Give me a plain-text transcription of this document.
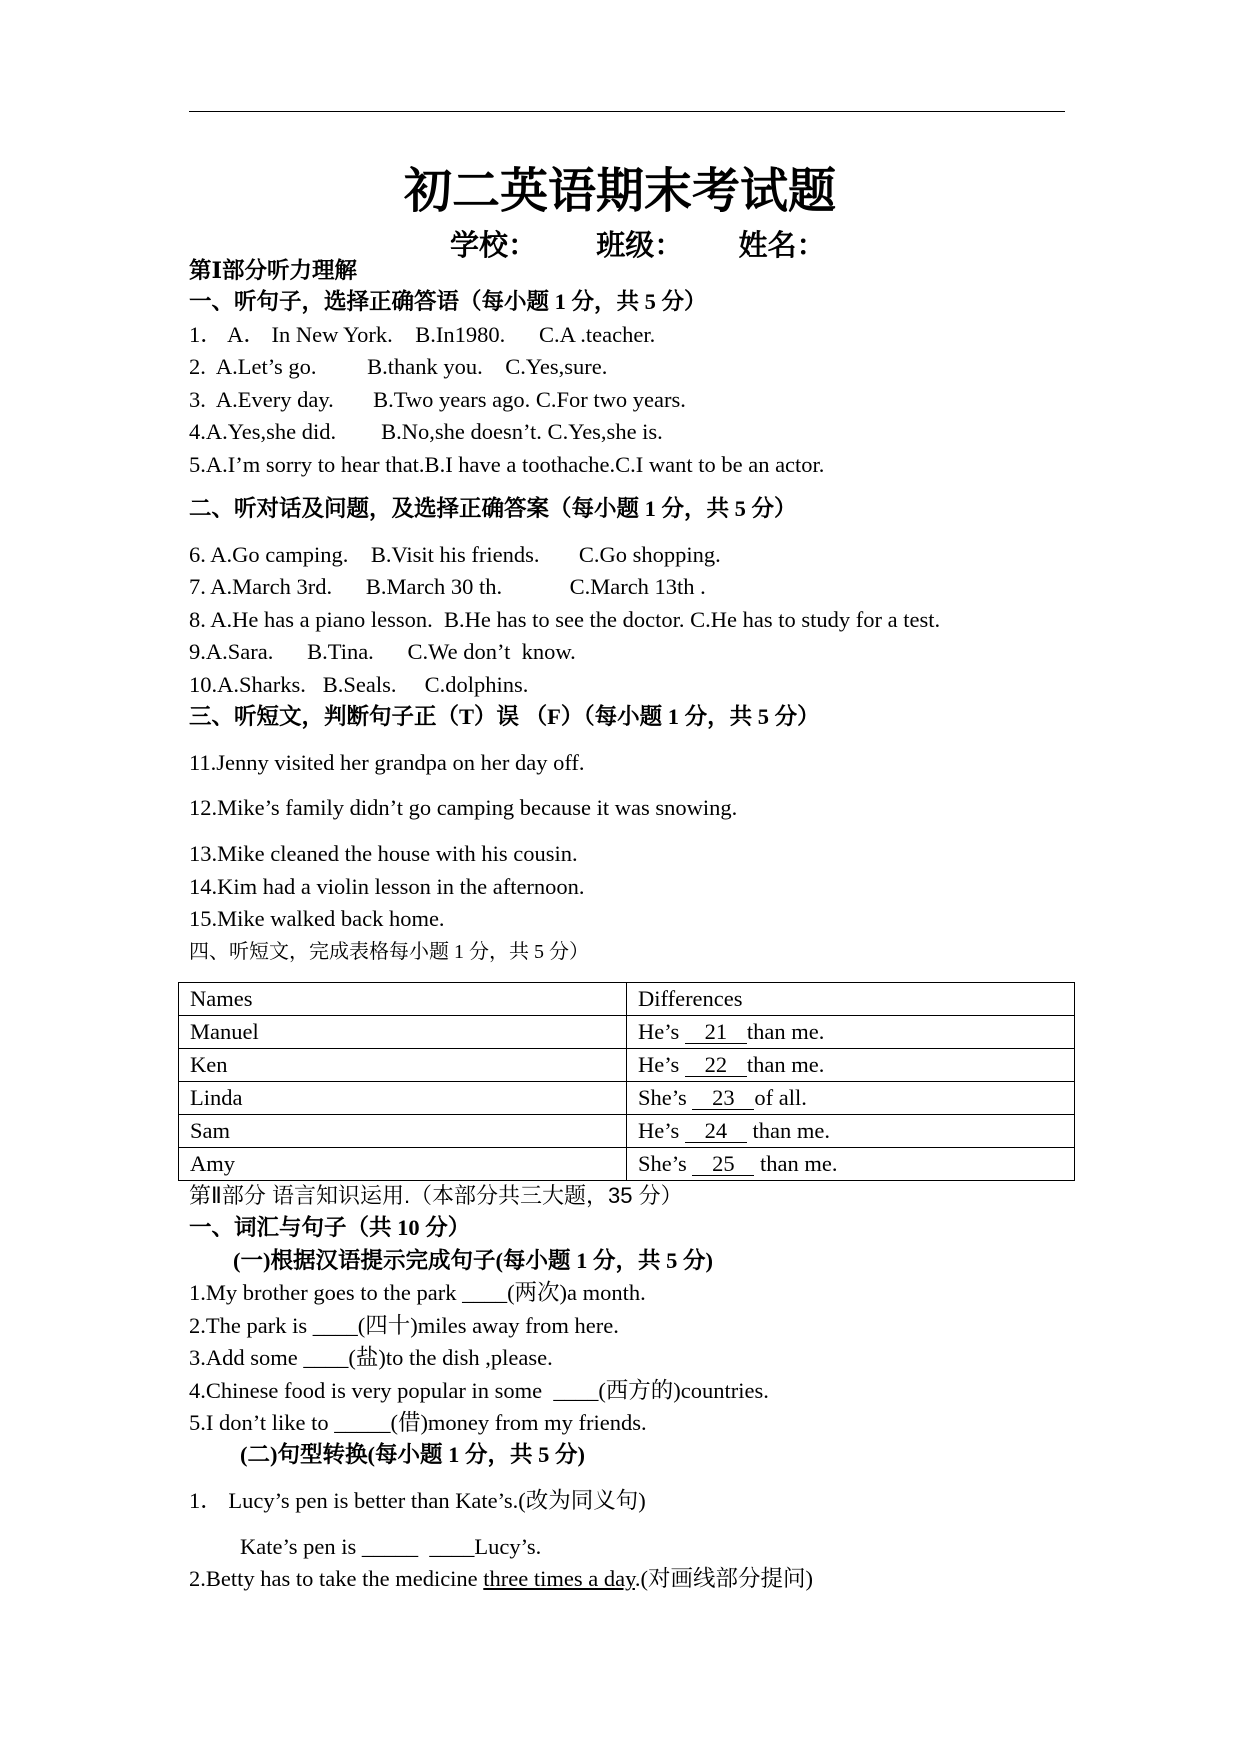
初二英语期末考试题
学校： 班级： 姓名：
第Ⅰ部分听力理解
一、听句子，选择正确答语（每小题 1 分，共 5 分）
1． A． In New York.    B.In1980.      C.A .teacher.
2.  A.Let’s go.         B.thank you.    C.Yes,sure.
3.  A.Every day.       B.Two years ago. C.For two years.
4.A.Yes,she did.        B.No,she doesn’t. C.Yes,she is.
5.A.I’m sorry to hear that.B.I have a toothache.C.I want to be an actor.
二、听对话及问题，及选择正确答案（每小题 1 分，共 5 分）
6. A.Go camping.    B.Visit his friends.       C.Go shopping.
7. A.March 3rd.      B.March 30 th.            C.March 13th .
8. A.He has a piano lesson.  B.He has to see the doctor. C.He has to study for a test.
9.A.Sara.      B.Tina.      C.We don’t  know.
10.A.Sharks.   B.Seals.     C.dolphins.
三、听短文，判断句子正（T）误 （F）（每小题 1 分，共 5 分）
11.Jenny visited her grandpa on her day off.
12.Mike’s family didn’t go camping because it was snowing.
13.Mike cleaned the house with his cousin.
14.Kim had a violin lesson in the afternoon.
15.Mike walked back home.
四、听短文，完成表格每小题 1 分，共 5 分）
Names	Differences
Manuel	He’s 21 than me.
Ken	He’s 22 than me.
Linda	She’s 23 of all.
Sam	He’s 24 than me.
Amy	She’s 25 than me.
第Ⅱ部分 语言知识运用.（本部分共三大题，35 分）
一、词汇与句子（共 10 分）
(一)根据汉语提示完成句子(每小题 1 分，共 5 分)
1.My brother goes to the park ____(两次)a month.
2.The park is ____(四十)miles away from here.
3.Add some ____(盐)to the dish ,please.
4.Chinese food is very popular in some  ____(西方的)countries.
5.I don’t like to _____(借)money from my friends.
(二)句型转换(每小题 1 分，共 5 分)
1． Lucy’s pen is better than Kate’s.(改为同义句)
Kate’s pen is _____  ____Lucy’s.
2.Betty has to take the medicine three times a day.(对画线部分提问)
